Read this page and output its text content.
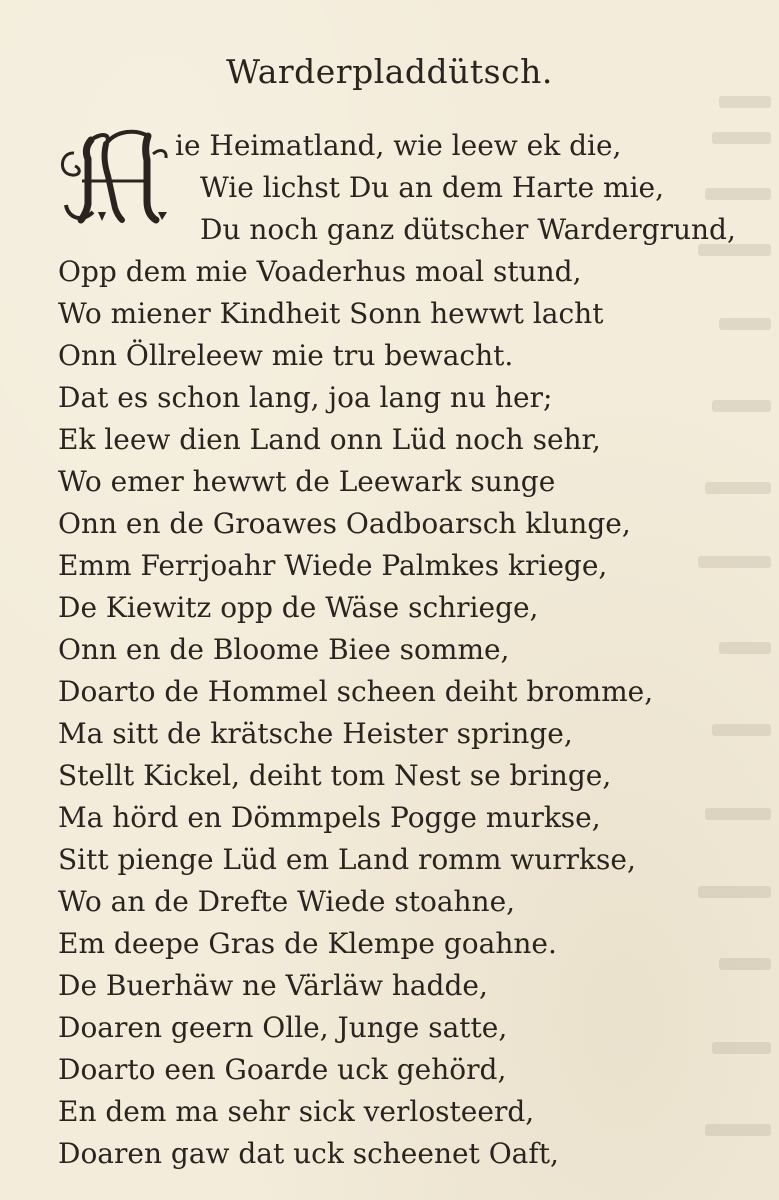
Warderpladdütsch.
ie Heimatland, wie leew ek die,
Wie lichst Du an dem Harte mie,
Du noch ganz dütscher Wardergrund,
Opp dem mie Voaderhus moal stund,
Wo miener Kindheit Sonn hewwt lacht
Onn Öllreleew mie tru bewacht.
Dat es schon lang, joa lang nu her;
Ek leew dien Land onn Lüd noch sehr,
Wo emer hewwt de Leewark sunge
Onn en de Groawes Oadboarsch klunge,
Emm Ferrjoahr Wiede Palmkes kriege,
De Kiewitz opp de Wäse schriege,
Onn en de Bloome Biee somme,
Doarto de Hommel scheen deiht bromme,
Ma sitt de krätsche Heister springe,
Stellt Kickel, deiht tom Nest se bringe,
Ma hörd en Dömmpels Pogge murkse,
Sitt pienge Lüd em Land romm wurrkse,
Wo an de Drefte Wiede stoahne,
Em deepe Gras de Klempe goahne.
De Buerhäw ne Värläw hadde,
Doaren geern Olle, Junge satte,
Doarto een Goarde uck gehörd,
En dem ma sehr sick verlosteerd,
Doaren gaw dat uck scheenet Oaft,
